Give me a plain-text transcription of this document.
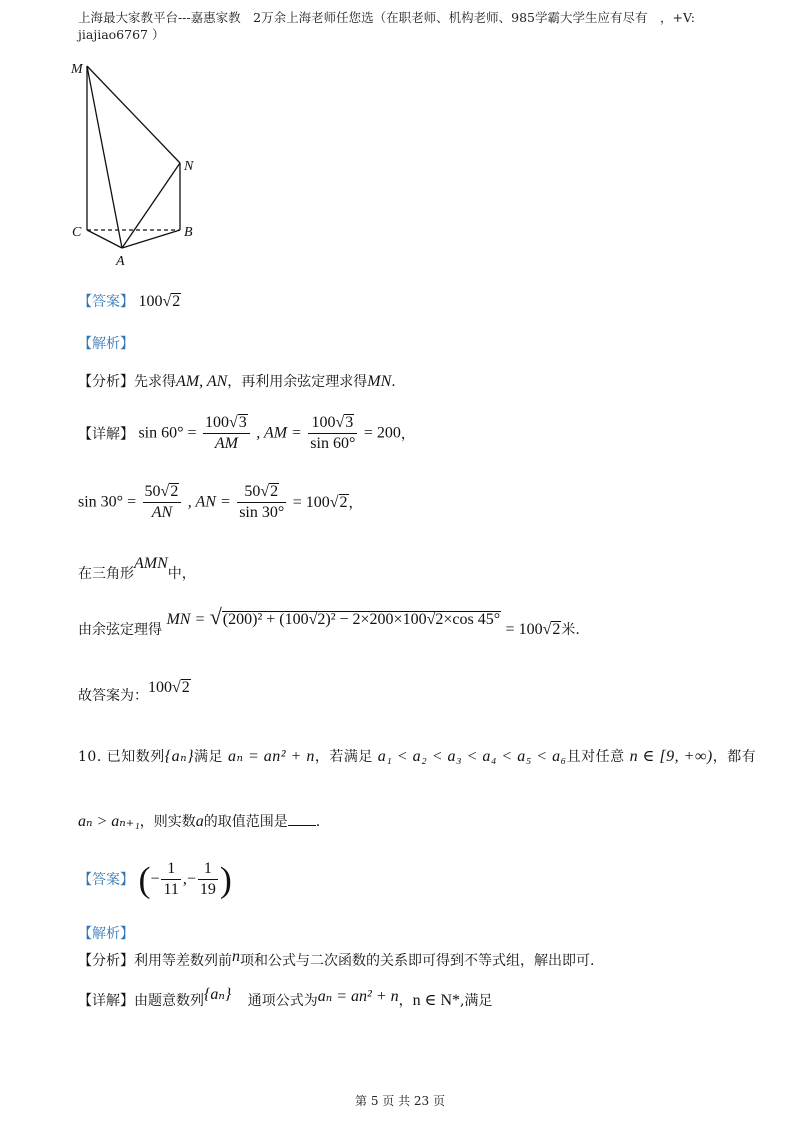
上海最大家教平台---嘉惠家教　2万余上海老师任您选（在职老师、机构老师、985学霸大学生应有尽有　，+V:
jiajiao6767 ）
M
N
C	B
A
【答案】 100√2
【解析】
【分析】先求得AM, AN，再利用余弦定理求得MN.
【详解】 $\sin 60^\circ = \frac{100√3}{AM}$ , AM = $\frac{100√3}{\sin 60^\circ} = 200$，
$\sin 30^\circ = \frac{50√2}{AN}$ , AN = $\frac{50√2}{\sin 30^\circ} = 100√2$，
在三角形AMN中，
由余弦定理得 MN = √(200)² + (100√2)² − 2×200×100√2×cos 45° = 100√2米.
故答案为：100√2
10. 已知数列{aₙ}满足 aₙ = an² + n，若满足 a₁ < a₂ < a₃ < a₄ < a₅ < a₆且对任意 n ∈ [9, +∞)，都有
aₙ > aₙ₊₁，则实数a的取值范围是 .
【答案】 (− $\frac{1}{11}$ ,− $\frac{1}{19}$ )
【解析】
【分析】利用等差数列前n项和公式与二次函数的关系即可得到不等式组，解出即可.
【详解】由题意数列{aₙ} 通项公式为aₙ = an² + n，n ∈ N*,满足
第 5 页 共 23 页
